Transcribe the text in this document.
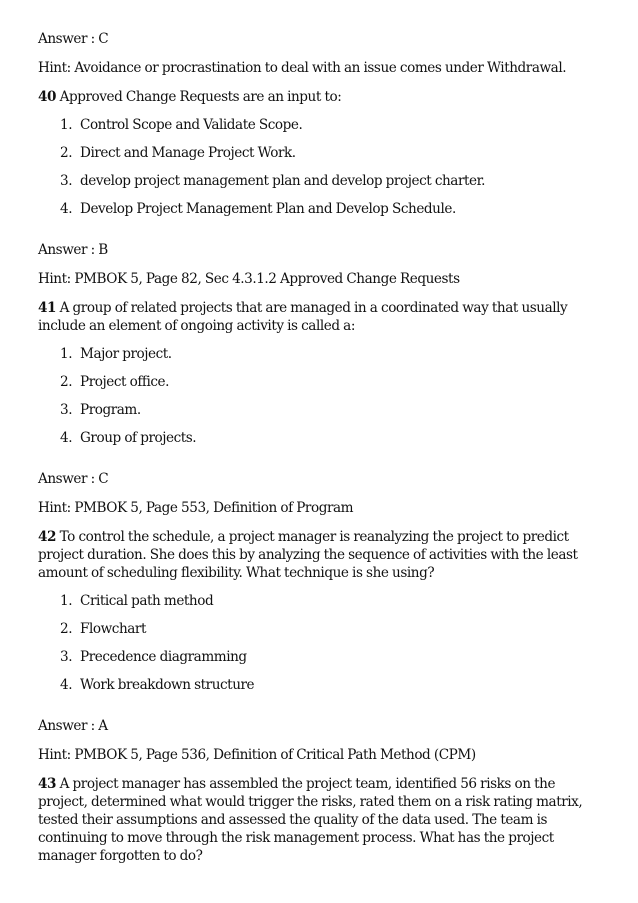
Answer : C

Hint: Avoidance or procrastination to deal with an issue comes under Withdrawal.

40 Approved Change Requests are an input to:

1. Control Scope and Validate Scope.
2. Direct and Manage Project Work.
3. develop project management plan and develop project charter.
4. Develop Project Management Plan and Develop Schedule.

Answer : B

Hint: PMBOK 5, Page 82, Sec 4.3.1.2 Approved Change Requests

41 A group of related projects that are managed in a coordinated way that usually include an element of ongoing activity is called a:

1. Major project.
2. Project office.
3. Program.
4. Group of projects.

Answer : C

Hint: PMBOK 5, Page 553, Definition of Program

42 To control the schedule, a project manager is reanalyzing the project to predict project duration. She does this by analyzing the sequence of activities with the least amount of scheduling flexibility. What technique is she using?

1. Critical path method
2. Flowchart
3. Precedence diagramming
4. Work breakdown structure

Answer : A

Hint: PMBOK 5, Page 536, Definition of Critical Path Method (CPM)

43 A project manager has assembled the project team, identified 56 risks on the project, determined what would trigger the risks, rated them on a risk rating matrix, tested their assumptions and assessed the quality of the data used. The team is continuing to move through the risk management process. What has the project manager forgotten to do?
